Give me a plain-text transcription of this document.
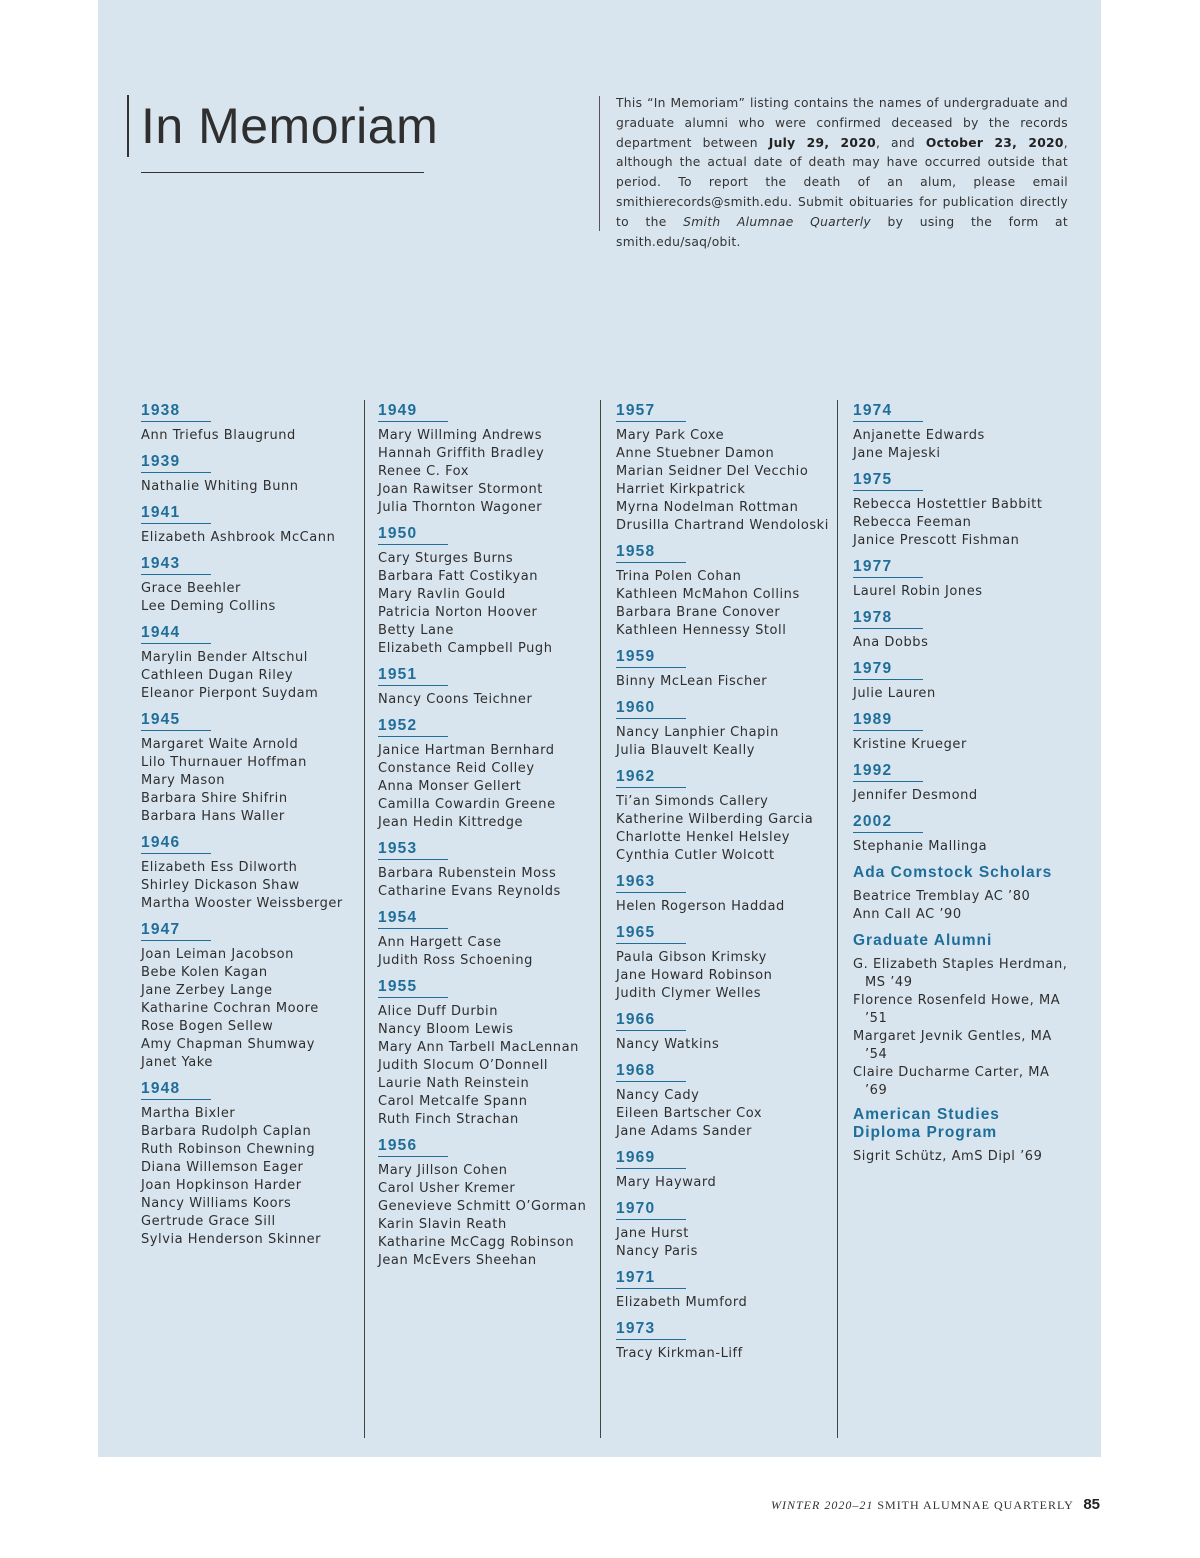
In Memoriam	This “In Memoriam” listing contains the names of undergraduate and graduate alumni who were confirmed deceased by the records department between July 29, 2020, and October 23, 2020, although the actual date of death may have occurred outside that period. To report the death of an alum, please email smithierecords@smith.edu. Submit obituaries for publication directly to the Smith Alumnae Quarterly by using the form at smith.edu/saq/obit.

1938
Ann Triefus Blaugrund
1939
Nathalie Whiting Bunn
1941
Elizabeth Ashbrook McCann
1943
Grace Beehler
Lee Deming Collins
1944
Marylin Bender Altschul
Cathleen Dugan Riley
Eleanor Pierpont Suydam
1945
Margaret Waite Arnold
Lilo Thurnauer Hoffman
Mary Mason
Barbara Shire Shifrin
Barbara Hans Waller
1946
Elizabeth Ess Dilworth
Shirley Dickason Shaw
Martha Wooster Weissberger
1947
Joan Leiman Jacobson
Bebe Kolen Kagan
Jane Zerbey Lange
Katharine Cochran Moore
Rose Bogen Sellew
Amy Chapman Shumway
Janet Yake
1948
Martha Bixler
Barbara Rudolph Caplan
Ruth Robinson Chewning
Diana Willemson Eager
Joan Hopkinson Harder
Nancy Williams Koors
Gertrude Grace Sill
Sylvia Henderson Skinner
1949
Mary Willming Andrews
Hannah Griffith Bradley
Renee C. Fox
Joan Rawitser Stormont
Julia Thornton Wagoner
1950
Cary Sturges Burns
Barbara Fatt Costikyan
Mary Ravlin Gould
Patricia Norton Hoover
Betty Lane
Elizabeth Campbell Pugh
1951
Nancy Coons Teichner
1952
Janice Hartman Bernhard
Constance Reid Colley
Anna Monser Gellert
Camilla Cowardin Greene
Jean Hedin Kittredge
1953
Barbara Rubenstein Moss
Catharine Evans Reynolds
1954
Ann Hargett Case
Judith Ross Schoening
1955
Alice Duff Durbin
Nancy Bloom Lewis
Mary Ann Tarbell MacLennan
Judith Slocum O’Donnell
Laurie Nath Reinstein
Carol Metcalfe Spann
Ruth Finch Strachan
1956
Mary Jillson Cohen
Carol Usher Kremer
Genevieve Schmitt O’Gorman
Karin Slavin Reath
Katharine McCagg Robinson
Jean McEvers Sheehan
1957
Mary Park Coxe
Anne Stuebner Damon
Marian Seidner Del Vecchio
Harriet Kirkpatrick
Myrna Nodelman Rottman
Drusilla Chartrand Wendoloski
1958
Trina Polen Cohan
Kathleen McMahon Collins
Barbara Brane Conover
Kathleen Hennessy Stoll
1959
Binny McLean Fischer
1960
Nancy Lanphier Chapin
Julia Blauvelt Keally
1962
Ti’an Simonds Callery
Katherine Wilberding Garcia
Charlotte Henkel Helsley
Cynthia Cutler Wolcott
1963
Helen Rogerson Haddad
1965
Paula Gibson Krimsky
Jane Howard Robinson
Judith Clymer Welles
1966
Nancy Watkins
1968
Nancy Cady
Eileen Bartscher Cox
Jane Adams Sander
1969
Mary Hayward
1970
Jane Hurst
Nancy Paris
1971
Elizabeth Mumford
1973
Tracy Kirkman-Liff
1974
Anjanette Edwards
Jane Majeski
1975
Rebecca Hostettler Babbitt
Rebecca Feeman
Janice Prescott Fishman
1977
Laurel Robin Jones
1978
Ana Dobbs
1979
Julie Lauren
1989
Kristine Krueger
1992
Jennifer Desmond
2002
Stephanie Mallinga
Ada Comstock Scholars
Beatrice Tremblay AC ’80
Ann Call AC ’90
Graduate Alumni
G. Elizabeth Staples Herdman, MS ’49
Florence Rosenfeld Howe, MA ’51
Margaret Jevnik Gentles, MA ’54
Claire Ducharme Carter, MA ’69
American Studies Diploma Program
Sigrit Schütz, AmS Dipl ’69
WINTER 2020–21 SMITH ALUMNAE QUARTERLY 85
